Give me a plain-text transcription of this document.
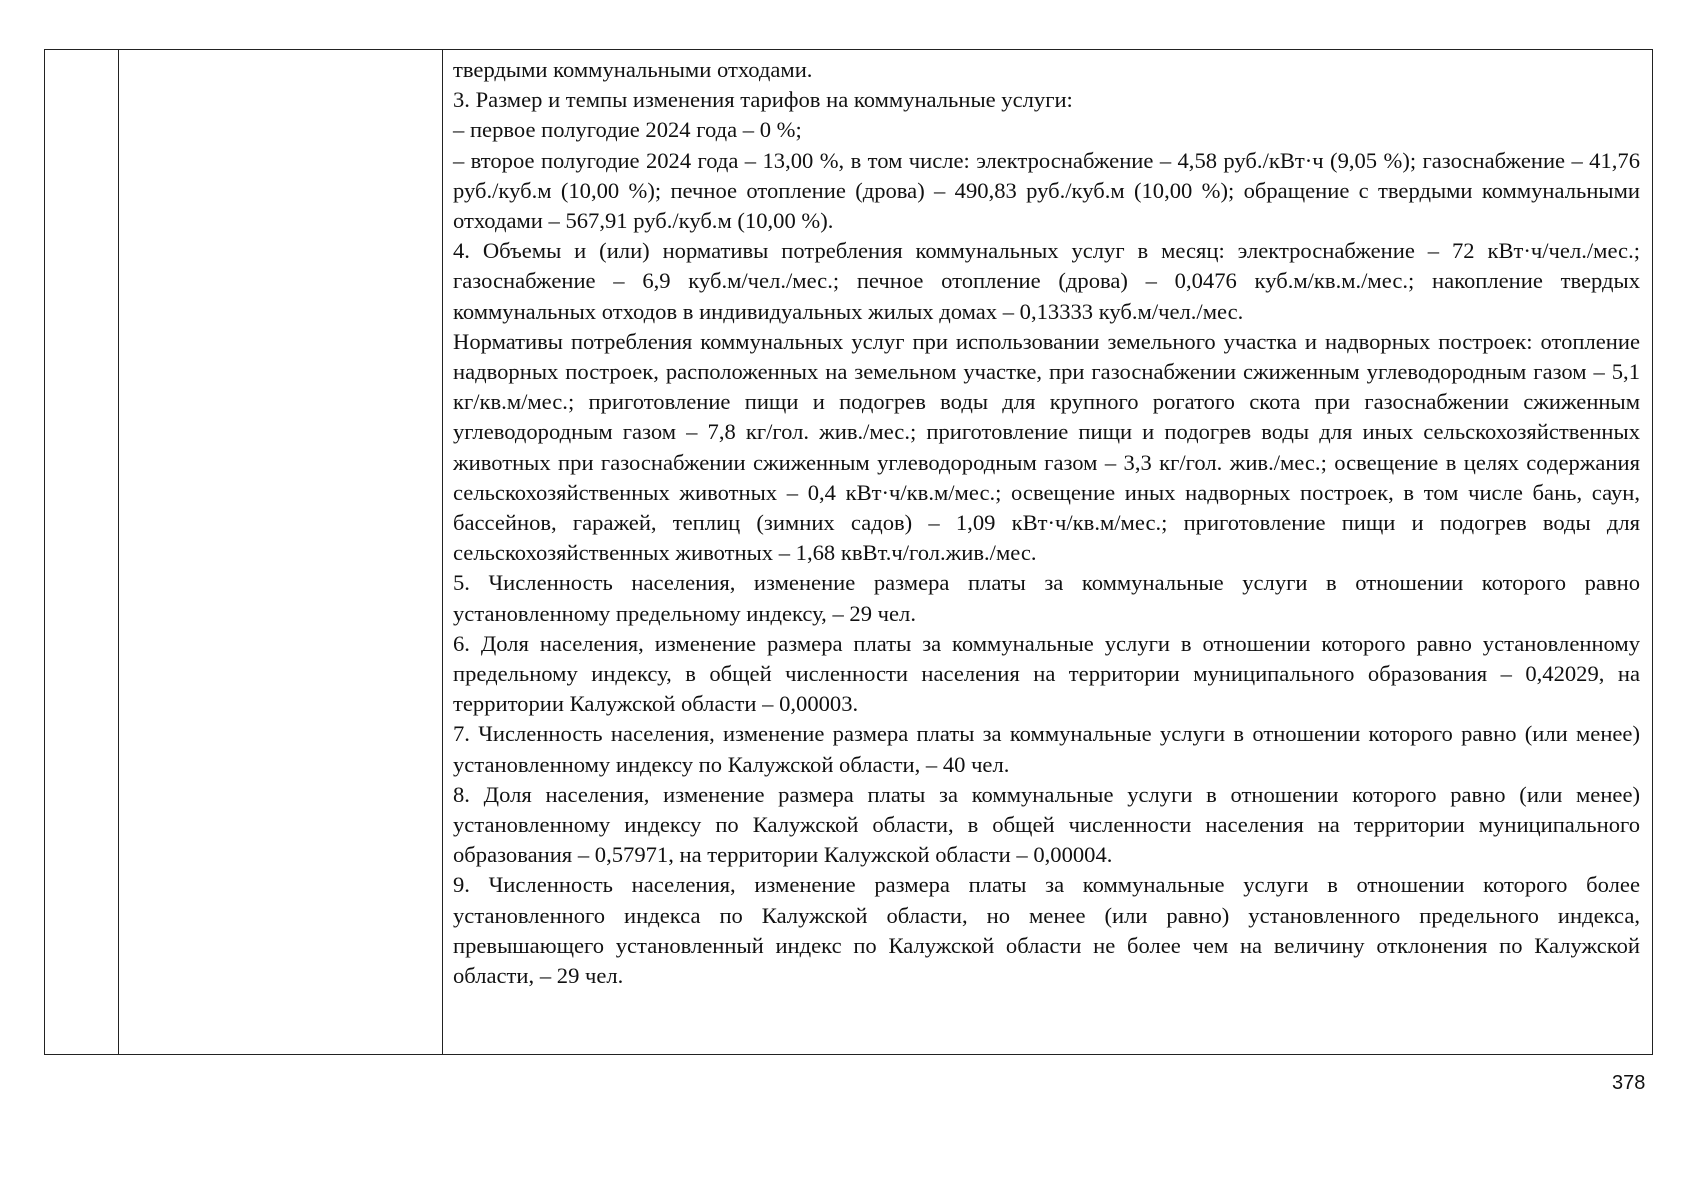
твердыми коммунальными отходами.

3. Размер и темпы изменения тарифов на коммунальные услуги:

– первое полугодие 2024 года – 0 %;

– второе полугодие 2024 года – 13,00 %, в том числе: электроснабжение – 4,58 руб./кВт·ч (9,05 %); газоснабжение – 41,76 руб./куб.м (10,00 %); печное отопление (дрова) – 490,83 руб./куб.м (10,00 %); обращение с твердыми коммунальными отходами – 567,91 руб./куб.м (10,00 %).

4. Объемы и (или) нормативы потребления коммунальных услуг в месяц: электроснабжение – 72 кВт·ч/чел./мес.; газоснабжение – 6,9 куб.м/чел./мес.; печное отопление (дрова) – 0,0476 куб.м/кв.м./мес.; накопление твердых коммунальных отходов в индивидуальных жилых домах – 0,13333 куб.м/чел./мес.

Нормативы потребления коммунальных услуг при использовании земельного участка и надворных построек: отопление надворных построек, расположенных на земельном участке, при газоснабжении сжиженным углеводородным газом – 5,1 кг/кв.м/мес.; приготовление пищи и подогрев воды для крупного рогатого скота при газоснабжении сжиженным углеводородным газом – 7,8 кг/гол. жив./мес.; приготовление пищи и подогрев воды для иных сельскохозяйственных животных при газоснабжении сжиженным углеводородным газом – 3,3 кг/гол. жив./мес.; освещение в целях содержания сельскохозяйственных животных – 0,4 кВт·ч/кв.м/мес.; освещение иных надворных построек, в том числе бань, саун, бассейнов, гаражей, теплиц (зимних садов) – 1,09 кВт·ч/кв.м/мес.; приготовление пищи и подогрев воды для сельскохозяйственных животных – 1,68 квВт.ч/гол.жив./мес.

5. Численность населения, изменение размера платы за коммунальные услуги в отношении которого равно установленному предельному индексу, – 29 чел.

6. Доля населения, изменение размера платы за коммунальные услуги в отношении которого равно установленному предельному индексу, в общей численности населения на территории муниципального образования – 0,42029, на территории Калужской области – 0,00003.

7. Численность населения, изменение размера платы за коммунальные услуги в отношении которого равно (или менее) установленному индексу по Калужской области, – 40 чел.

8. Доля населения, изменение размера платы за коммунальные услуги в отношении которого равно (или менее) установленному индексу по Калужской области, в общей численности населения на территории муниципального образования – 0,57971, на территории Калужской области – 0,00004.

9. Численность населения, изменение размера платы за коммунальные услуги в отношении которого более установленного индекса по Калужской области, но менее (или равно) установленного предельного индекса, превышающего установленный индекс по Калужской области не более чем на величину отклонения по Калужской области, – 29 чел.

378
